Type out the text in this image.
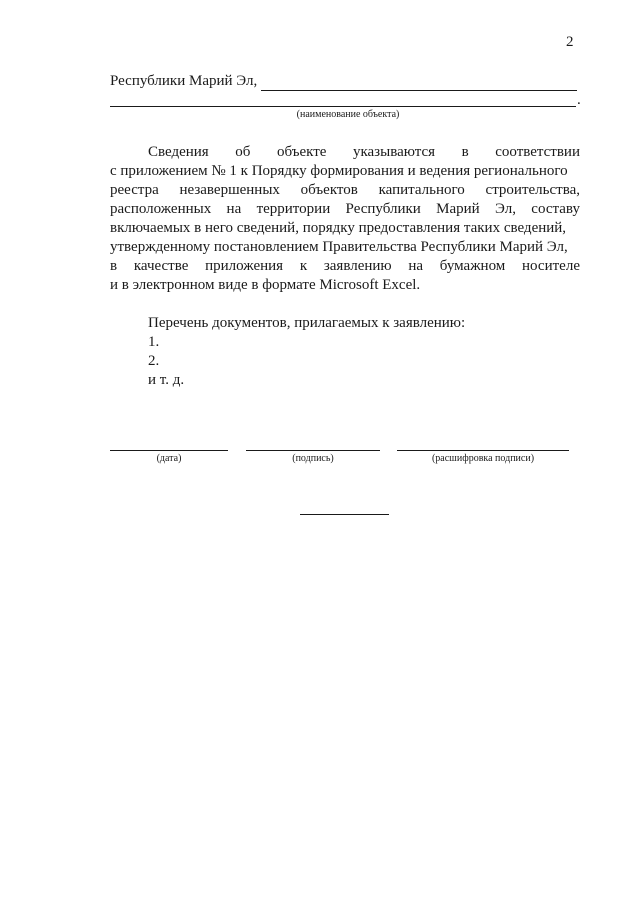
2
Республики Марий Эл,
.
(наименование объекта)
Сведения об объекте указываются в соответствии
с приложением № 1 к Порядку формирования и ведения регионального
реестра незавершенных объектов капитального строительства,
расположенных на территории Республики Марий Эл, составу
включаемых в него сведений, порядку предоставления таких сведений,
утвержденному постановлением Правительства Республики Марий Эл,
в качестве приложения к заявлению на бумажном носителе
и в электронном виде в формате Microsoft Excel.
Перечень документов, прилагаемых к заявлению:
1.
2.
и т. д.
(дата)	(подпись)	(расшифровка подписи)
